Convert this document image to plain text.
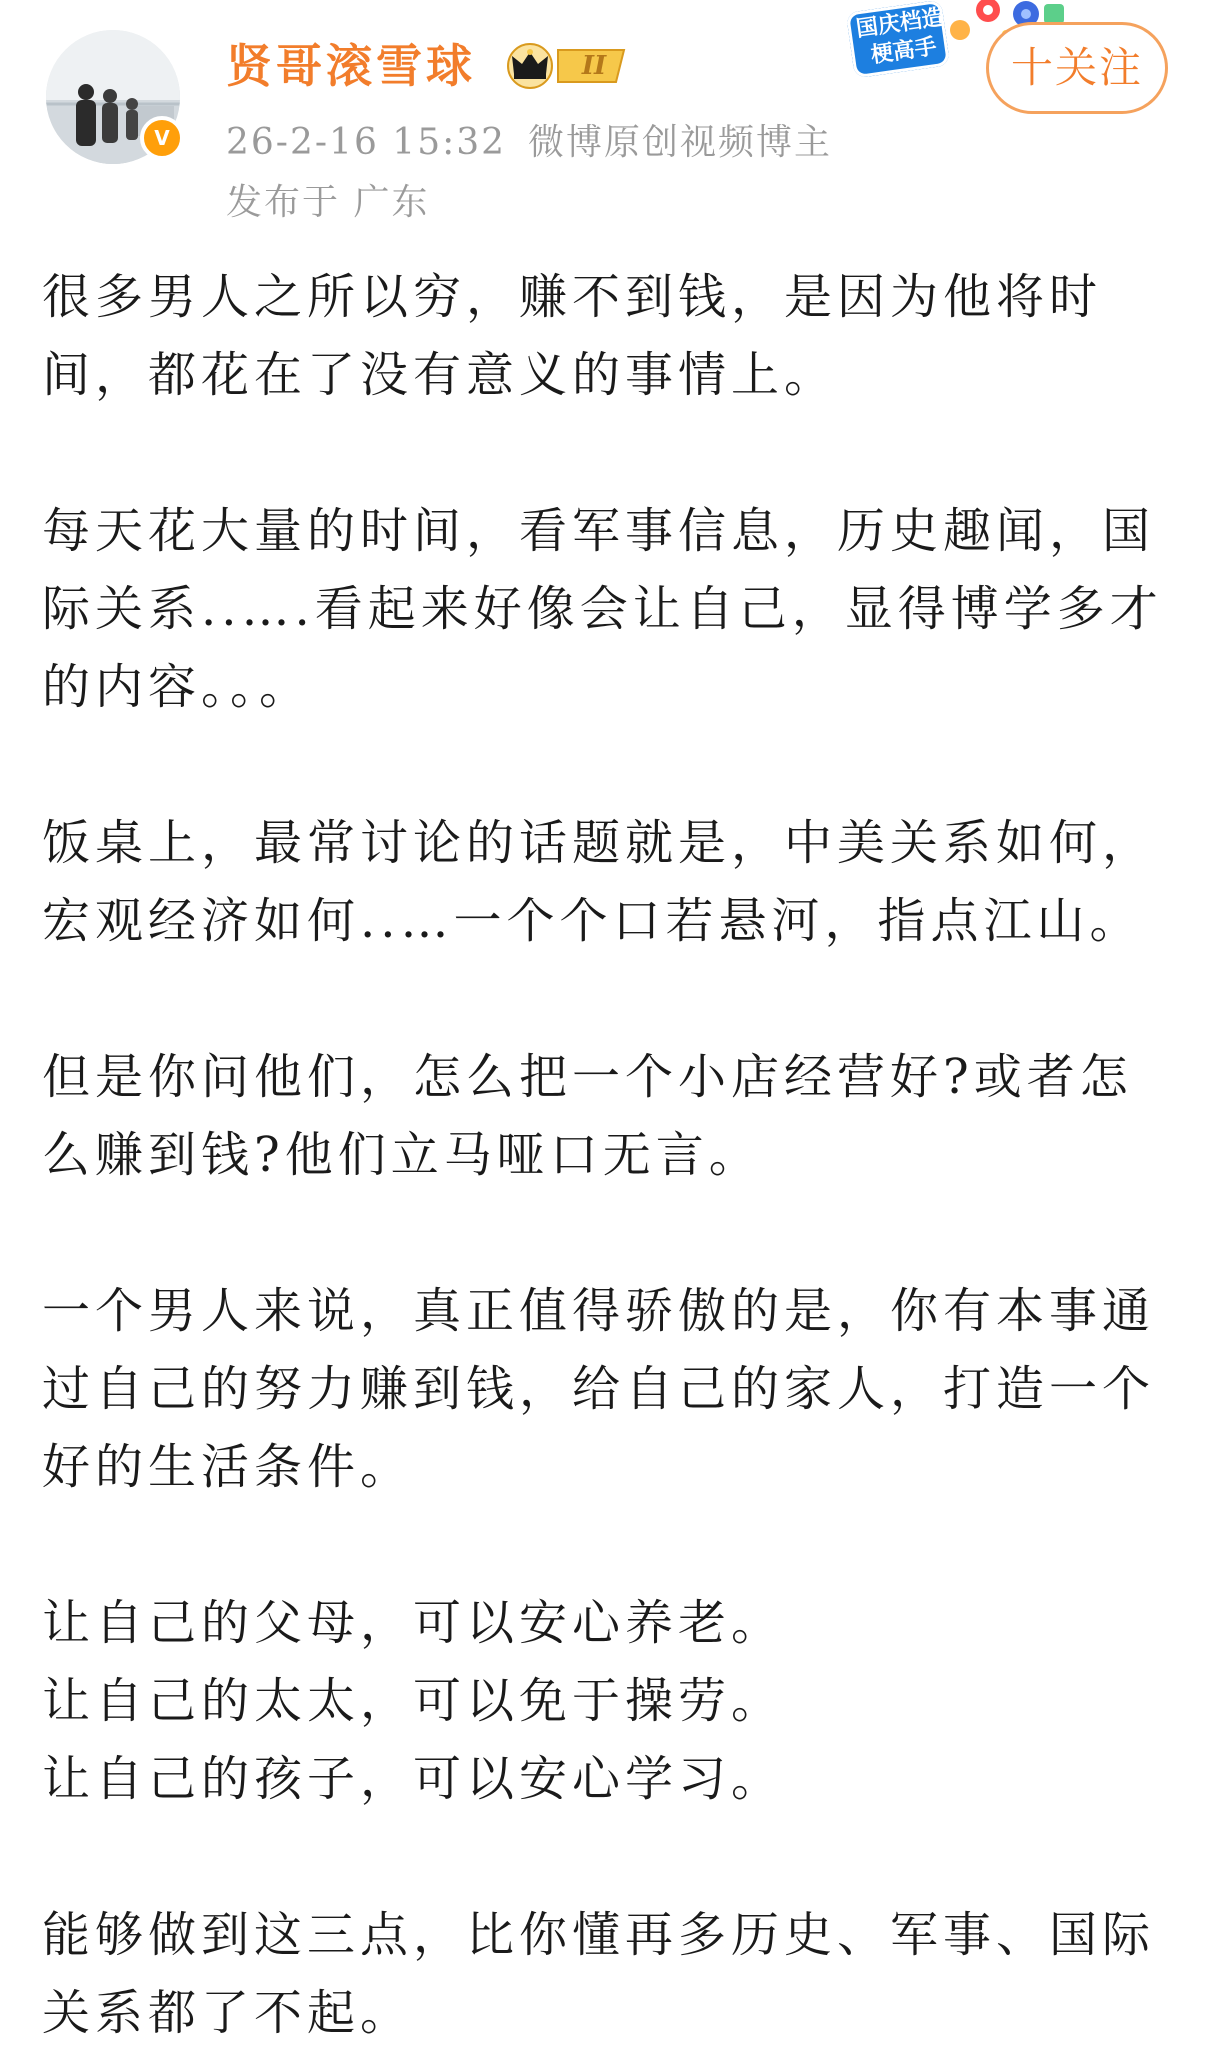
V
贤哥滚雪球	II
26-2-16 15:32 微博原创视频博主
发布于 广东
国庆档造梗高手	十关注

很多男人之所以穷，赚不到钱，是因为他将时
间，都花在了没有意义的事情上。

每天花大量的时间，看军事信息，历史趣闻，国
际关系..….看起来好像会让自己，显得博学多才
的内容。。。

饭桌上，最常讨论的话题就是，中美关系如何，
宏观经济如何..…一个个口若悬河，指点江山。

但是你问他们，怎么把一个小店经营好?或者怎
么赚到钱?他们立马哑口无言。

一个男人来说，真正值得骄傲的是，你有本事通
过自己的努力赚到钱，给自己的家人，打造一个
好的生活条件。

让自己的父母，可以安心养老。
让自己的太太，可以免于操劳。
让自己的孩子，可以安心学习。

能够做到这三点，比你懂再多历史、军事、国际
关系都了不起。
